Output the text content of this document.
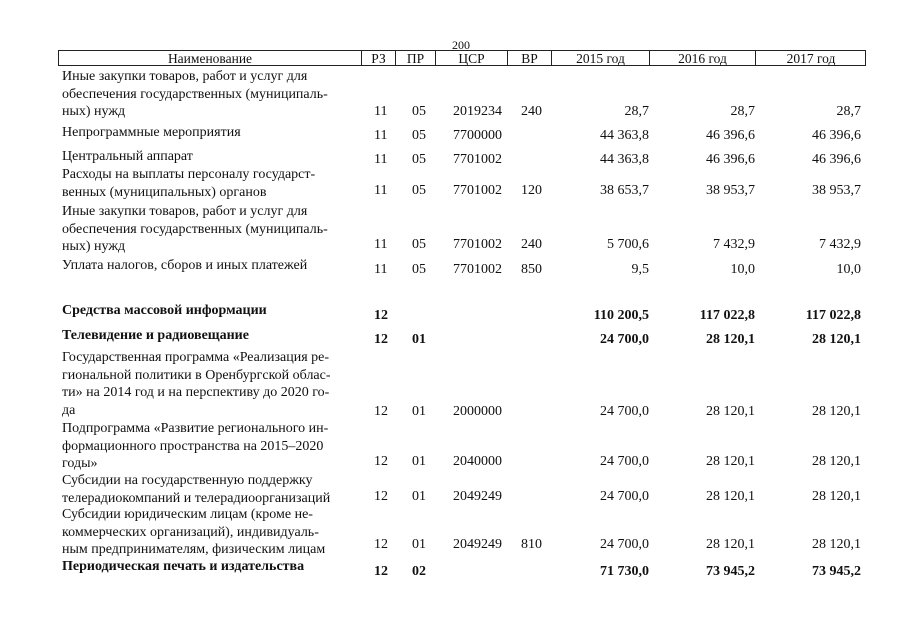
200
Наименование	РЗ	ПР	ЦСР	ВР	2015 год	2016 год	2017 год
Иные закупки товаров, работ и услуг для
обеспечения государственных (муниципаль-
ных) нужд	11 05 2019234 240	28,7	28,7	28,7
Непрограммные мероприятия	11 05 7700000	44 363,8	46 396,6	46 396,6
Центральный аппарат	11 05 7701002	44 363,8	46 396,6	46 396,6
Расходы на выплаты персоналу государст-
венных (муниципальных) органов	11 05 7701002 120	38 653,7	38 953,7	38 953,7
Иные закупки товаров, работ и услуг для
обеспечения государственных (муниципаль-
ных) нужд	11 05 7701002 240	5 700,6	7 432,9	7 432,9
Уплата налогов, сборов и иных платежей	11 05 7701002 850	9,5	10,0	10,0
Средства массовой информации	12	110 200,5	117 022,8	117 022,8
Телевидение и радиовещание	12 01	24 700,0	28 120,1	28 120,1
Государственная программа «Реализация ре-
гиональной политики в Оренбургской облас-
ти» на 2014 год и на перспективу до 2020 го-
да	12 01 2000000	24 700,0	28 120,1	28 120,1
Подпрограмма «Развитие регионального ин-
формационного пространства на 2015–2020
годы»	12 01 2040000	24 700,0	28 120,1	28 120,1
Субсидии на государственную поддержку
телерадиокомпаний и телерадиоорганизаций	12 01 2049249	24 700,0	28 120,1	28 120,1
Субсидии юридическим лицам (кроме не-
коммерческих организаций), индивидуаль-
ным предпринимателям, физическим лицам	12 01 2049249 810	24 700,0	28 120,1	28 120,1
Периодическая печать и издательства	12 02	71 730,0	73 945,2	73 945,2
